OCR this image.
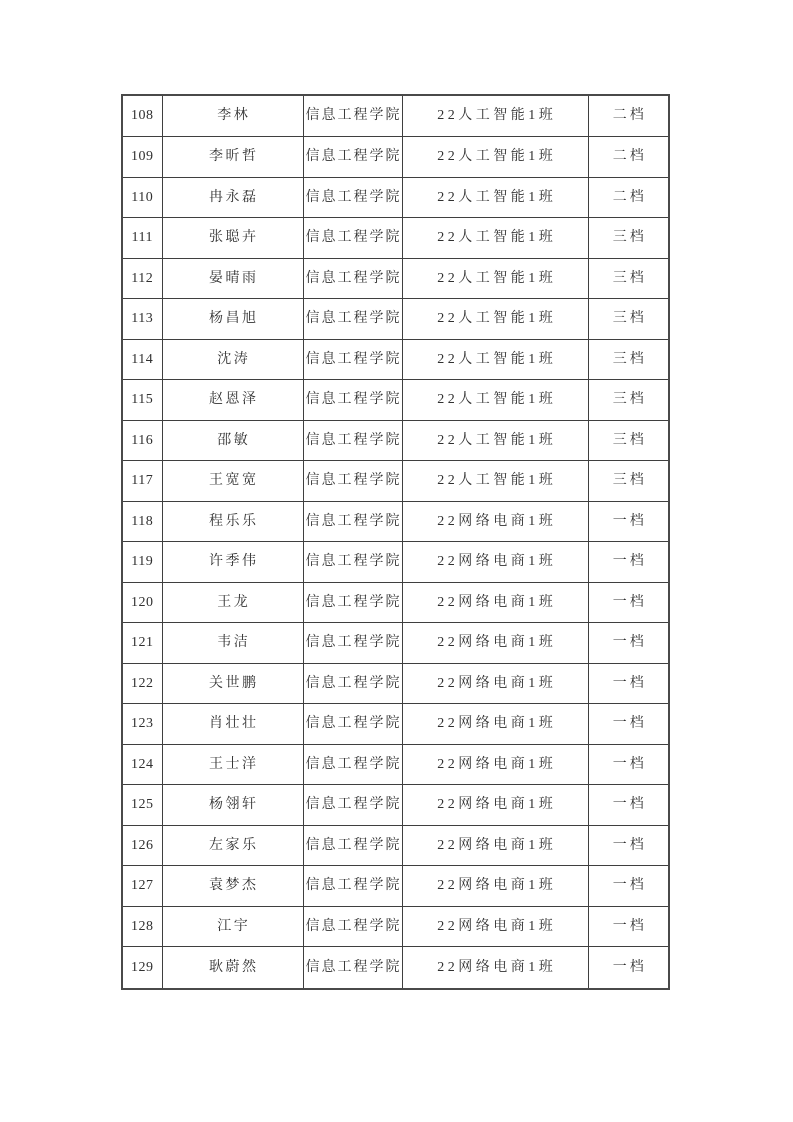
108	李林	信息工程学院	22人工智能1班	二档
109	李昕哲	信息工程学院	22人工智能1班	二档
110	冉永磊	信息工程学院	22人工智能1班	二档
111	张聪卉	信息工程学院	22人工智能1班	三档
112	晏晴雨	信息工程学院	22人工智能1班	三档
113	杨昌旭	信息工程学院	22人工智能1班	三档
114	沈涛	信息工程学院	22人工智能1班	三档
115	赵恩泽	信息工程学院	22人工智能1班	三档
116	邵敏	信息工程学院	22人工智能1班	三档
117	王宽宽	信息工程学院	22人工智能1班	三档
118	程乐乐	信息工程学院	22网络电商1班	一档
119	许季伟	信息工程学院	22网络电商1班	一档
120	王龙	信息工程学院	22网络电商1班	一档
121	韦洁	信息工程学院	22网络电商1班	一档
122	关世鹏	信息工程学院	22网络电商1班	一档
123	肖壮壮	信息工程学院	22网络电商1班	一档
124	王士洋	信息工程学院	22网络电商1班	一档
125	杨翎轩	信息工程学院	22网络电商1班	一档
126	左家乐	信息工程学院	22网络电商1班	一档
127	袁梦杰	信息工程学院	22网络电商1班	一档
128	江宇	信息工程学院	22网络电商1班	一档
129	耿蔚然	信息工程学院	22网络电商1班	一档
